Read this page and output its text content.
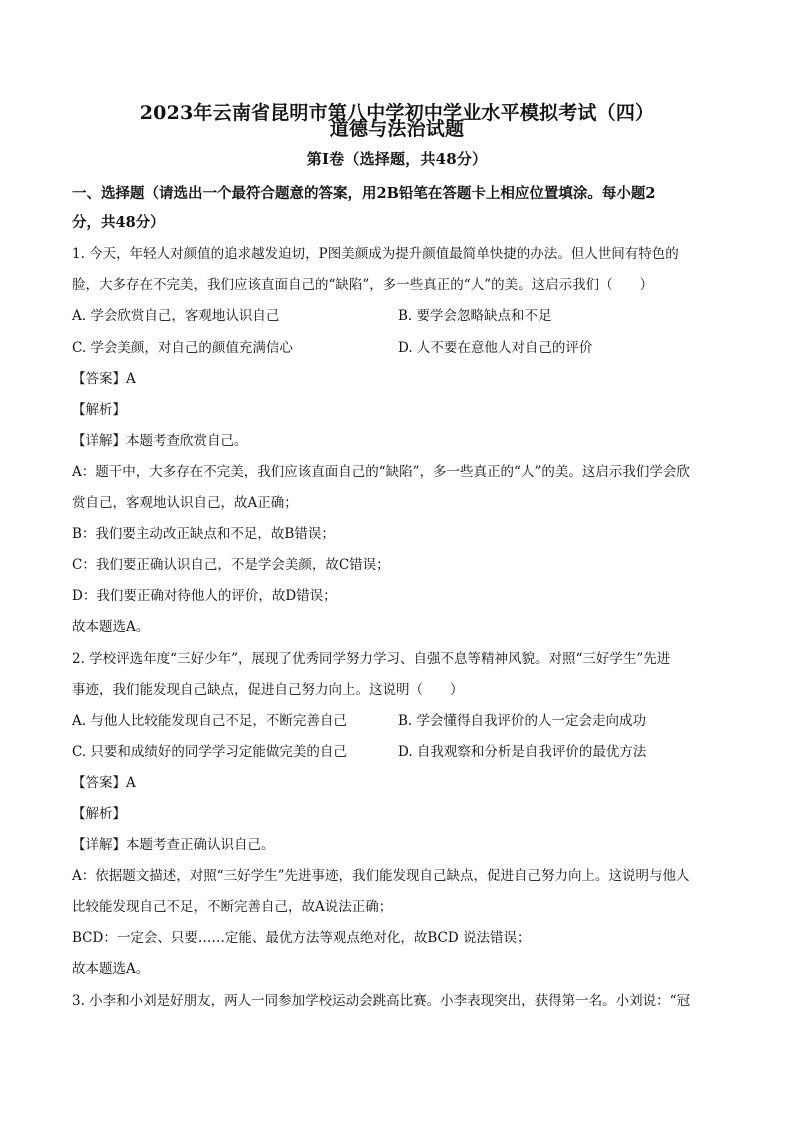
2023年云南省昆明市第八中学初中学业水平模拟考试（四）
道德与法治试题
第Ⅰ卷（选择题，共48分）
一、选择题（请选出一个最符合题意的答案，用2B铅笔在答题卡上相应位置填涂。每小题2
分，共48分）
1. 今天，年轻人对颜值的追求越发迫切，P图美颜成为提升颜值最简单快捷的办法。但人世间有特色的
脸，大多存在不完美，我们应该直面自己的“缺陷”，多一些真正的“人”的美。这启示我们（　　）
A. 学会欣赏自己，客观地认识自己	B. 要学会忽略缺点和不足
C. 学会美颜，对自己的颜值充满信心	D. 人不要在意他人对自己的评价
【答案】A
【解析】
【详解】本题考查欣赏自己。
A：题干中，大多存在不完美，我们应该直面自己的“缺陷”，多一些真正的“人”的美。这启示我们学会欣
赏自己，客观地认识自己，故A正确；
B：我们要主动改正缺点和不足，故B错误；
C：我们要正确认识自己，不是学会美颜，故C错误；
D：我们要正确对待他人的评价，故D错误；
故本题选A。
2. 学校评选年度“三好少年”，展现了优秀同学努力学习、自强不息等精神风貌。对照“三好学生”先进
事迹，我们能发现自己缺点，促进自己努力向上。这说明（　　）
A. 与他人比较能发现自己不足，不断完善自己	B. 学会懂得自我评价的人一定会走向成功
C. 只要和成绩好的同学学习定能做完美的自己	D. 自我观察和分析是自我评价的最优方法
【答案】A
【解析】
【详解】本题考查正确认识自己。
A：依据题文描述，对照“三好学生”先进事迹，我们能发现自己缺点，促进自己努力向上。这说明与他人
比较能发现自己不足，不断完善自己，故A说法正确；
BCD：一定会、只要……定能、最优方法等观点绝对化，故BCD 说法错误；
故本题选A。
3. 小李和小刘是好朋友，两人一同参加学校运动会跳高比赛。小李表现突出，获得第一名。小刘说：“冠
